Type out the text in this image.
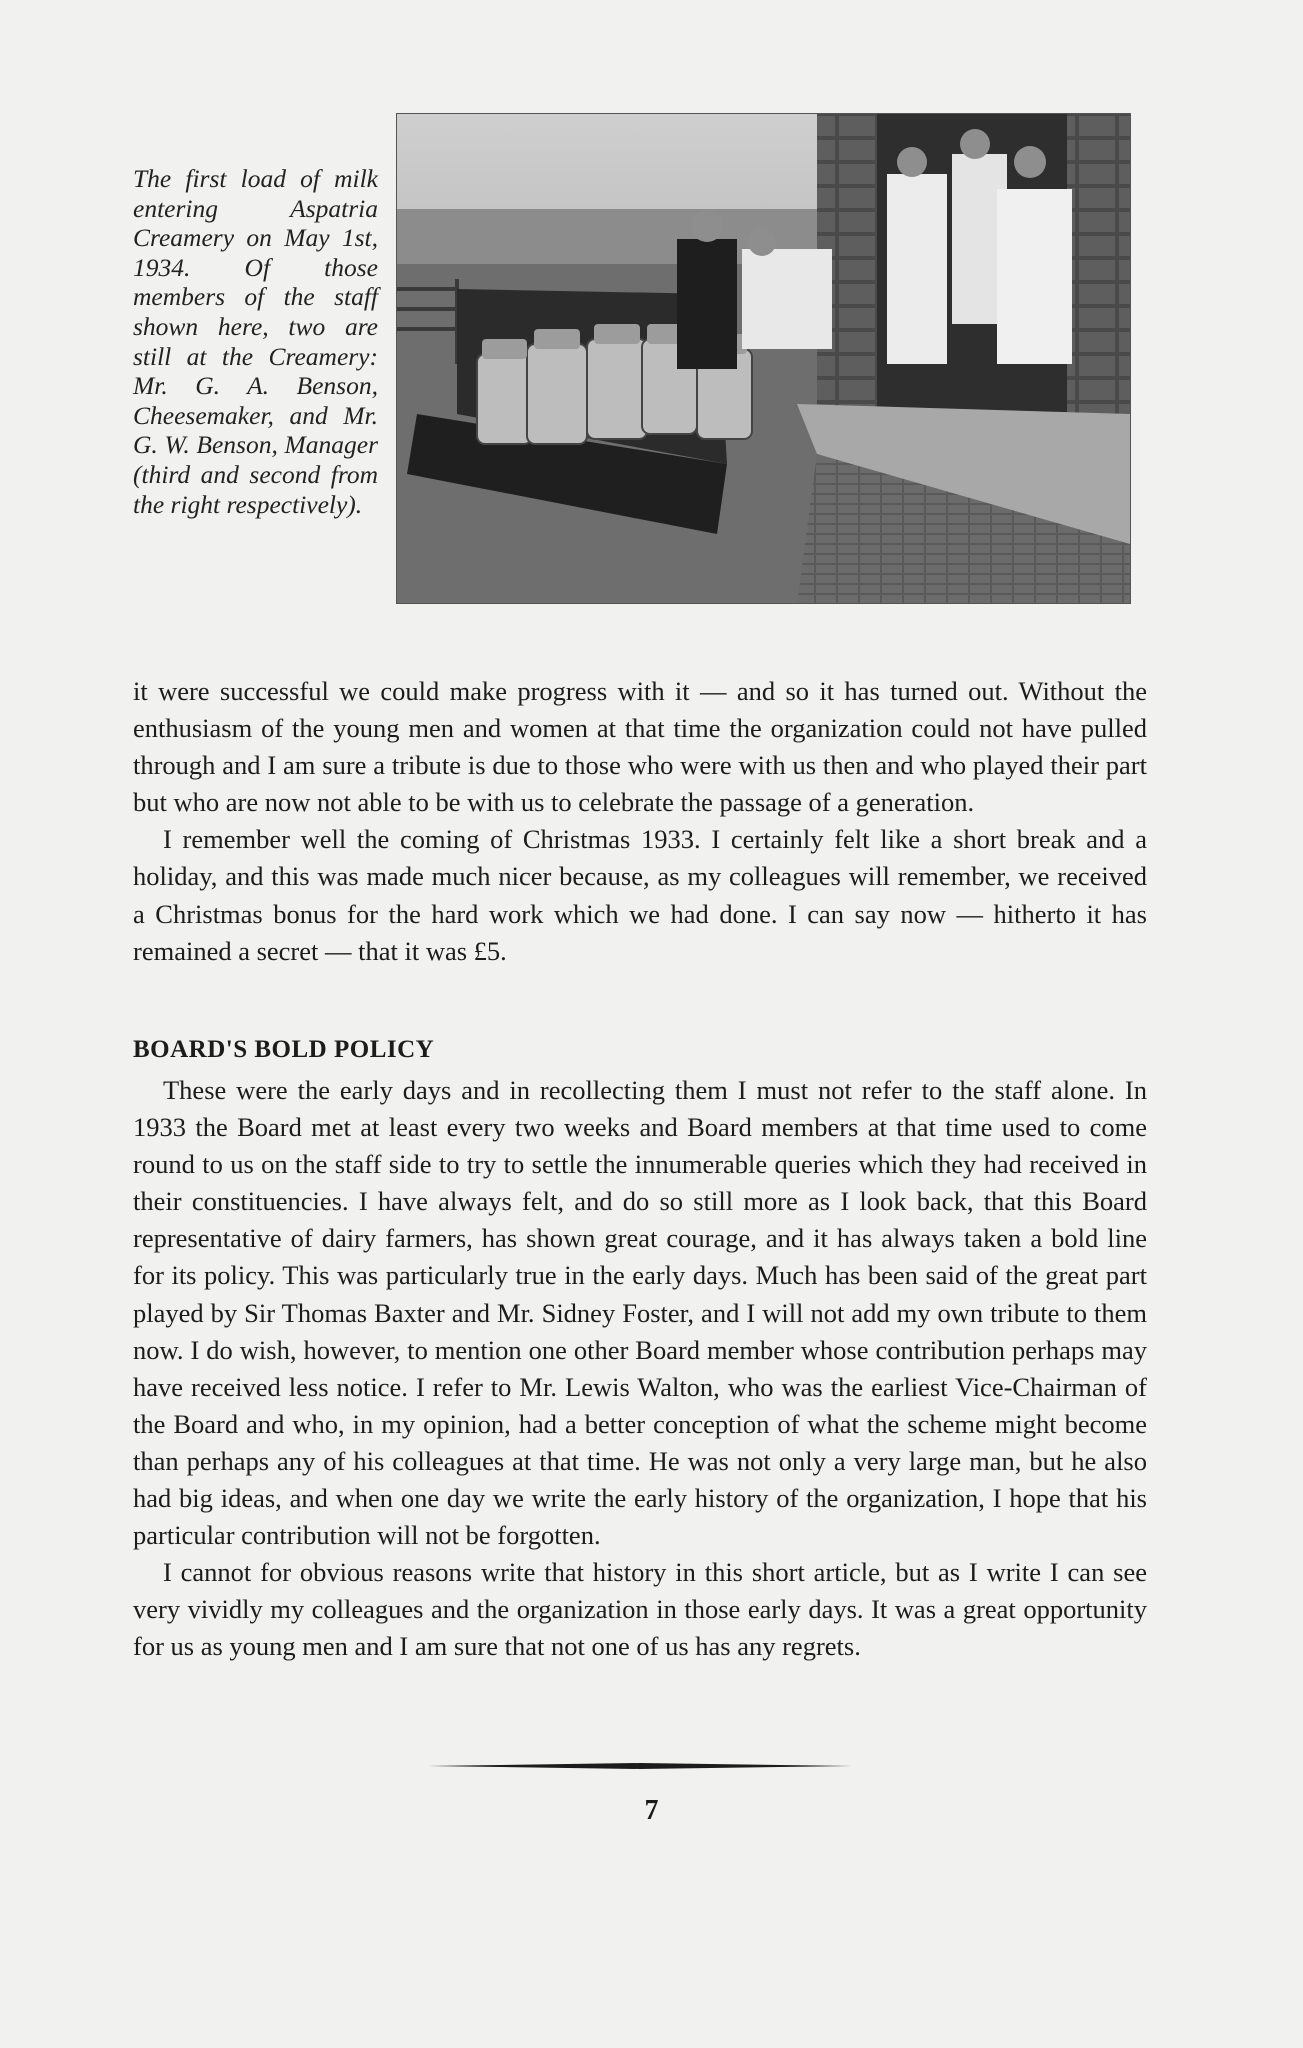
The first load of milk entering Aspatria Creamery on May 1st, 1934. Of those members of the staff shown here, two are still at the Creamery: Mr. G. A. Benson, Cheesemaker, and Mr. G. W. Benson, Manager (third and second from the right respectively).

it were successful we could make progress with it — and so it has turned out. Without the enthusiasm of the young men and women at that time the organization could not have pulled through and I am sure a tribute is due to those who were with us then and who played their part but who are now not able to be with us to celebrate the passage of a generation.

I remember well the coming of Christmas 1933. I certainly felt like a short break and a holiday, and this was made much nicer because, as my colleagues will remember, we received a Christmas bonus for the hard work which we had done. I can say now — hitherto it has remained a secret — that it was £5.

BOARD'S BOLD POLICY

These were the early days and in recollecting them I must not refer to the staff alone. In 1933 the Board met at least every two weeks and Board members at that time used to come round to us on the staff side to try to settle the innumerable queries which they had received in their constituencies. I have always felt, and do so still more as I look back, that this Board representative of dairy farmers, has shown great courage, and it has always taken a bold line for its policy. This was particularly true in the early days. Much has been said of the great part played by Sir Thomas Baxter and Mr. Sidney Foster, and I will not add my own tribute to them now. I do wish, however, to mention one other Board member whose contribution perhaps may have received less notice. I refer to Mr. Lewis Walton, who was the earliest Vice-Chairman of the Board and who, in my opinion, had a better conception of what the scheme might become than perhaps any of his colleagues at that time. He was not only a very large man, but he also had big ideas, and when one day we write the early history of the organization, I hope that his particular contribution will not be forgotten.

I cannot for obvious reasons write that history in this short article, but as I write I can see very vividly my colleagues and the organization in those early days. It was a great opportunity for us as young men and I am sure that not one of us has any regrets.

7
